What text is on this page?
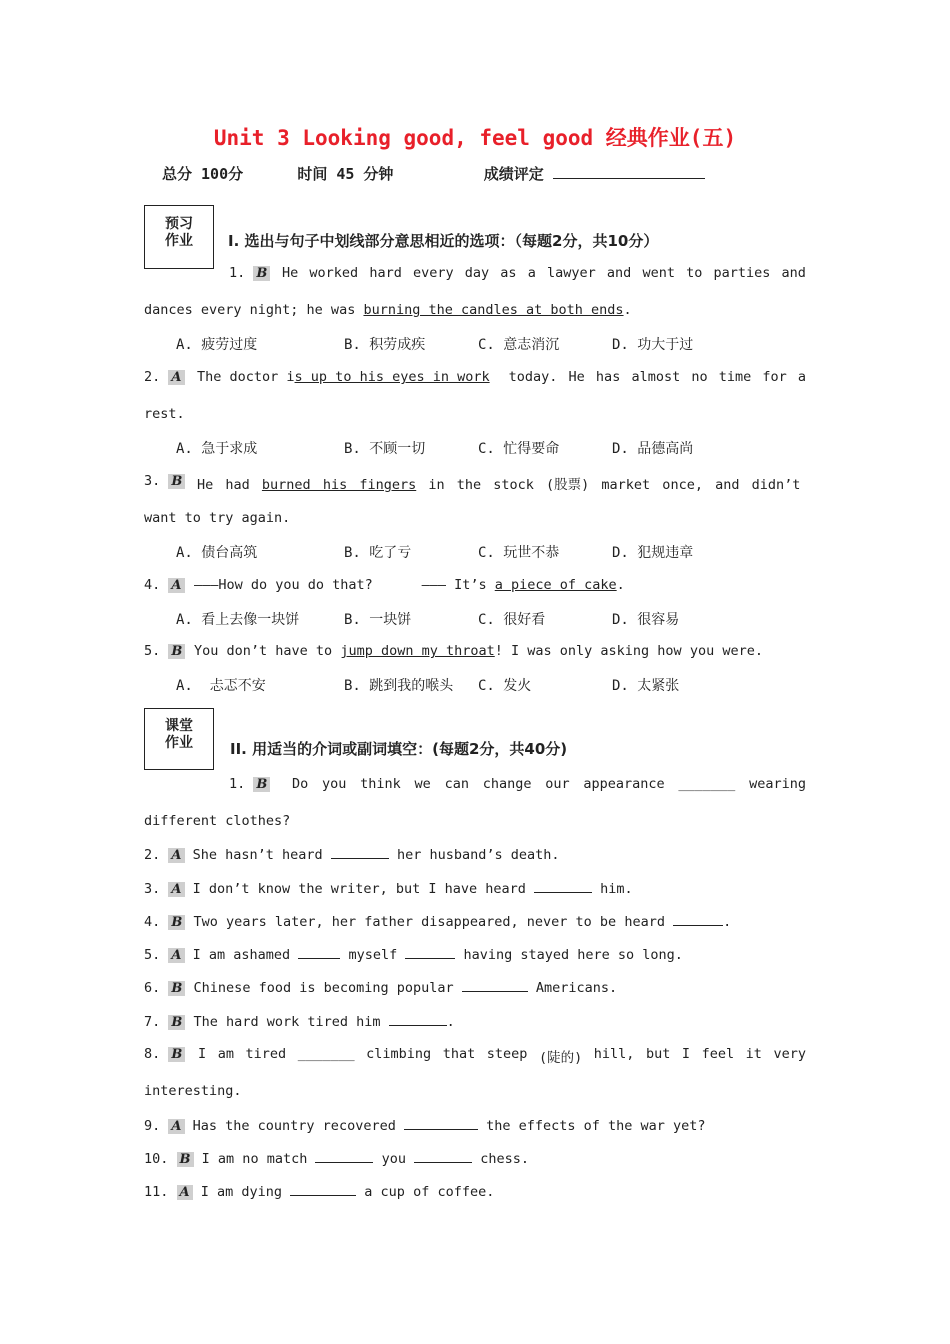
Unit 3 Looking good, feel good 经典作业(五)
总分 100分	时间 45 分钟	成绩评定
预习
作业	I. 选出与句子中划线部分意思相近的选项：（每题2分，共10分）
1. B He worked hard every day as a lawyer and went to parties and
dances every night; he was burning the candles at both ends.
A. 疲劳过度	B. 积劳成疾	C. 意志消沉	D. 功大于过
2. A The doctor is up to his eyes in work today. He has almost no time for a
rest.
A. 急于求成	B. 不顾一切	C. 忙得要命	D. 品德高尚
3. B He had burned his fingers in the stock (股票) market once, and didn’t
want to try again.
A. 债台高筑	B. 吃了亏	C. 玩世不恭	D. 犯规违章
4. A ———How do you do that?      ——— It’s a piece of cake.
A. 看上去像一块饼	B. 一块饼	C. 很好看	D. 很容易
5. B You don’t have to jump down my throat! I was only asking how you were.
A.  忐忑不安	B. 跳到我的喉头 C. 发火	D. 太紧张
课堂
作业	II. 用适当的介词或副词填空：(每题2分，共40分)
1. B Do you think we can change our appearance _______ wearing
different clothes?
2. A She hasn’t heard	her husband’s death.
3. A I don’t know the writer, but I have heard	him.
4. B Two years later, her father disappeared, never to be heard	.
5. A I am ashamed	myself	having stayed here so long.
6. B Chinese food is becoming popular	Americans.
7. B The hard work tired him	.
8. B I am tired _______ climbing that steep (陡的) hill, but I feel it very
interesting.
9. A Has the country recovered	the effects of the war yet?
10. B I am no match	you	chess.
11. A I am dying	a cup of coffee.
